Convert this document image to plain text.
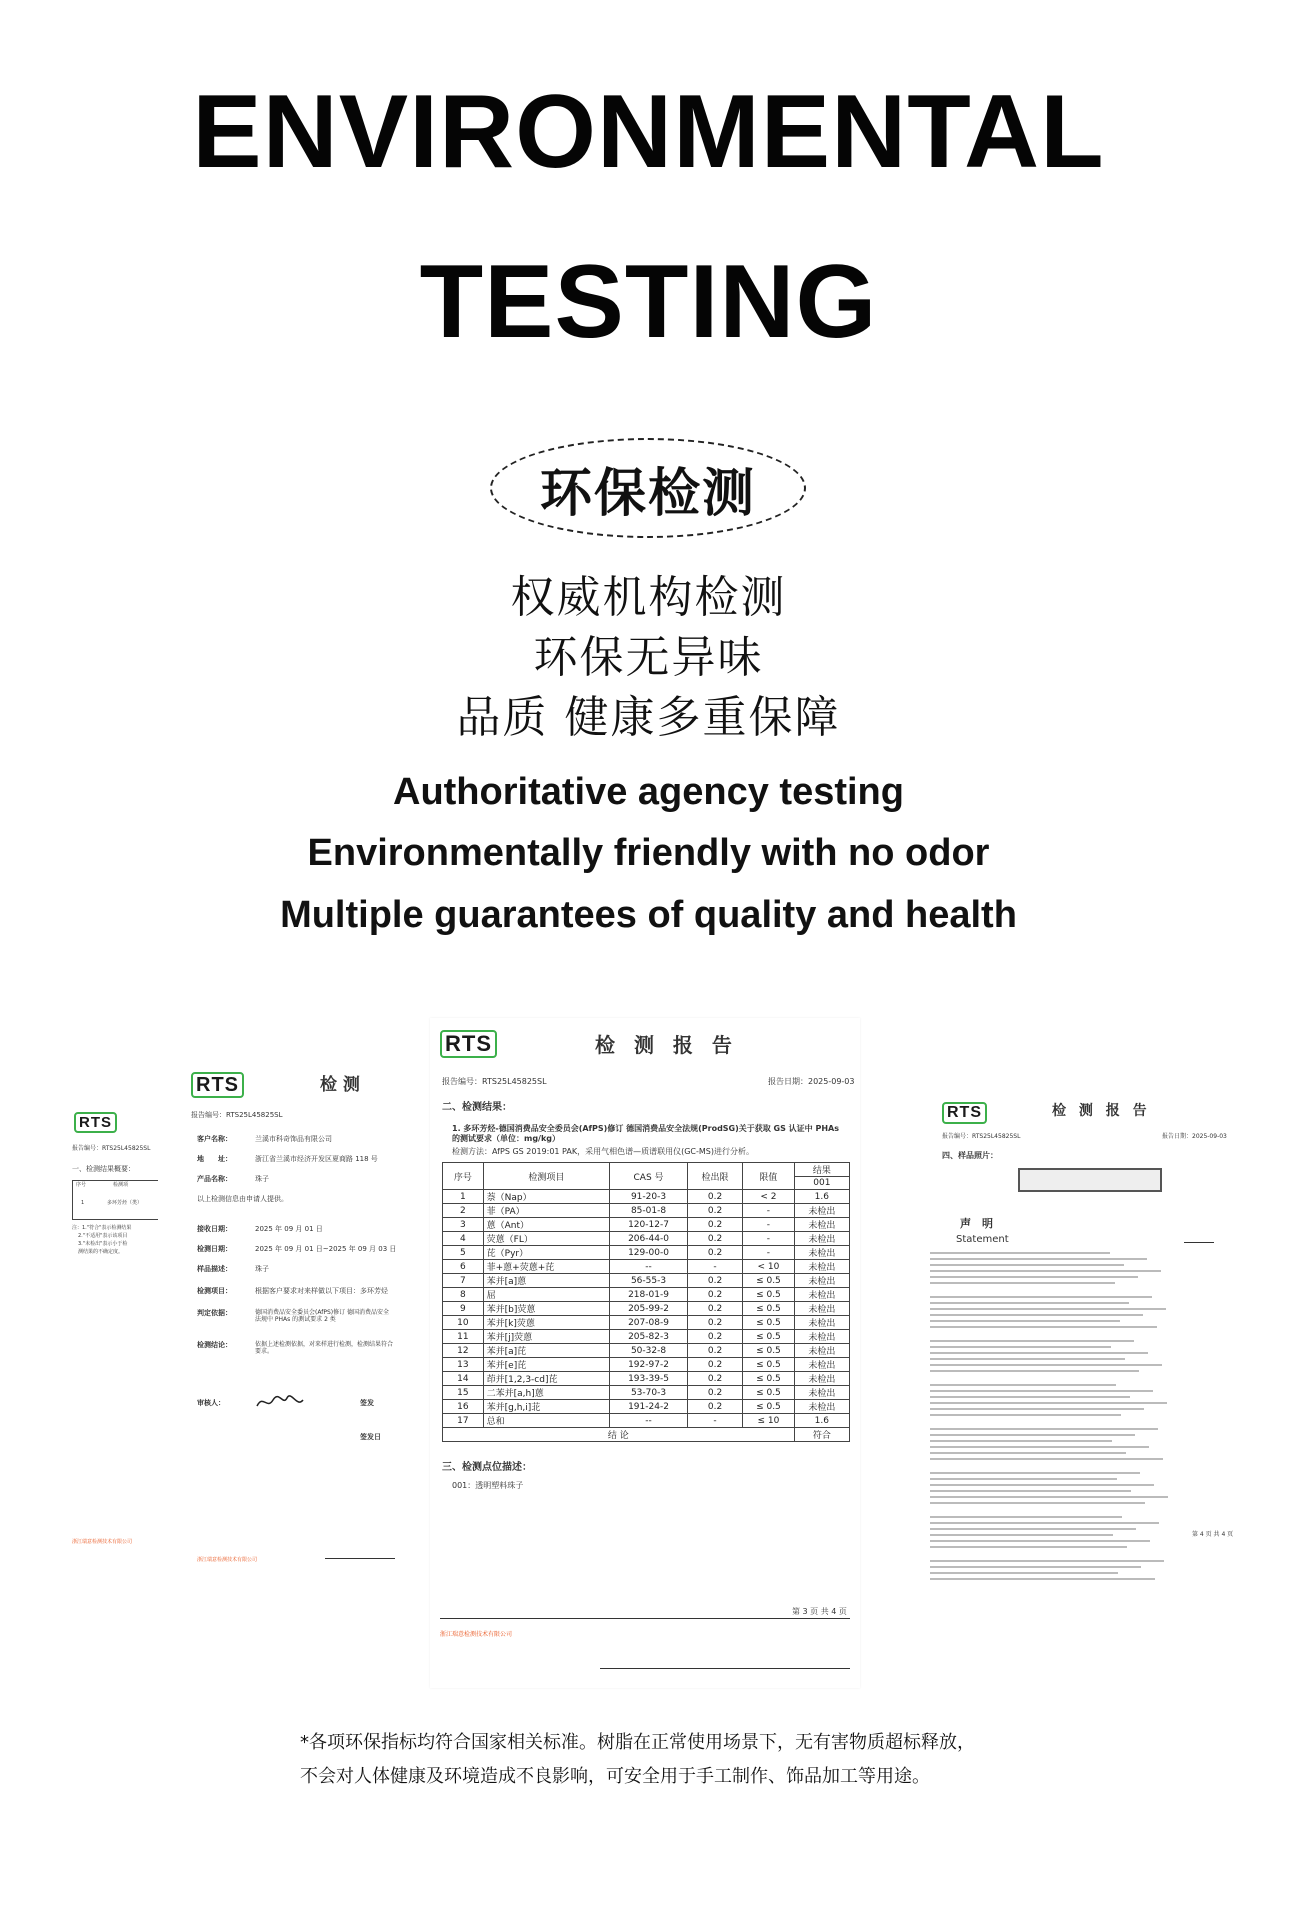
ENVIRONMENTAL
TESTING
环保检测
权威机构检测
环保无异味
品质 健康多重保障
Authoritative agency testing
Environmentally friendly with no odor
Multiple guarantees of quality and health
RTS
报告编号：RTS25L45825SL
一、检测结果概要：
序号	检测项
1	多环芳烃（类）
注：1."符合"表示检测结果
2."不适用"表示该项目
3."未检出"表示小于检
测结果的不确定度。
浙江瑞意检测技术有限公司
RTS	检 测
报告编号：RTS25L45825SL
客户名称：	兰溪市科奇饰品有限公司
地　　址：	浙江省兰溪市经济开发区夏商路 118 号
产品名称：	珠子
以上检测信息由申请人提供。
接收日期：	2025 年 09 月 01 日
检测日期：	2025 年 09 月 01 日~2025 年 09 月 03 日
样品描述：	珠子
检测项目：	根据客户要求对来样做以下项目：多环芳烃
判定依据：	德国消费品安全委员会(AfPS)修订 德国消费品安全法规中 PHAs 的测试要求 2 类
检测结论：	依据上述检测依据，对来样进行检测，检测结果符合要求。
审核人：	签发
签发日
浙江瑞意检测技术有限公司
RTS	检 测 报 告
报告编号：RTS25L45825SL	报告日期：2025-09-03
二、检测结果：
1. 多环芳烃-德国消费品安全委员会(AfPS)修订 德国消费品安全法规(ProdSG)关于获取 GS 认证中 PHAs 的测试要求（单位：mg/kg）
检测方法：AfPS GS 2019:01 PAK，采用气相色谱—质谱联用仪(GC-MS)进行分析。
序号	检测项目	CAS 号	检出限	限值	结果
					001
1	萘（Nap）	91-20-3	0.2	< 2	1.6
2	菲（PA）	85-01-8	0.2	-	未检出
3	蒽（Ant）	120-12-7	0.2	-	未检出
4	荧蒽（FL）	206-44-0	0.2	-	未检出
5	芘（Pyr）	129-00-0	0.2	-	未检出
6	菲+蒽+荧蒽+芘	--	-	< 10	未检出
7	苯并[a]蒽	56-55-3	0.2	≤ 0.5	未检出
8	屈	218-01-9	0.2	≤ 0.5	未检出
9	苯并[b]荧蒽	205-99-2	0.2	≤ 0.5	未检出
10	苯并[k]荧蒽	207-08-9	0.2	≤ 0.5	未检出
11	苯并[j]荧蒽	205-82-3	0.2	≤ 0.5	未检出
12	苯并[a]芘	50-32-8	0.2	≤ 0.5	未检出
13	苯并[e]芘	192-97-2	0.2	≤ 0.5	未检出
14	茚并[1,2,3-cd]芘	193-39-5	0.2	≤ 0.5	未检出
15	二苯并[a,h]蒽	53-70-3	0.2	≤ 0.5	未检出
16	苯并[g,h,i]苝	191-24-2	0.2	≤ 0.5	未检出
17	总和	--	-	≤ 10	1.6
结 论					符合
三、检测点位描述：
001：透明塑料珠子
第 3 页 共 4 页
浙江瑞意检测技术有限公司
RTS	检 测 报 告
报告编号：RTS25L45825SL	报告日期：2025-09-03
四、样品照片：
声　明
Statement
第 4 页 共 4 页
*各项环保指标均符合国家相关标准。树脂在正常使用场景下，无有害物质超标释放，
不会对人体健康及环境造成不良影响，可安全用于手工制作、饰品加工等用途。
